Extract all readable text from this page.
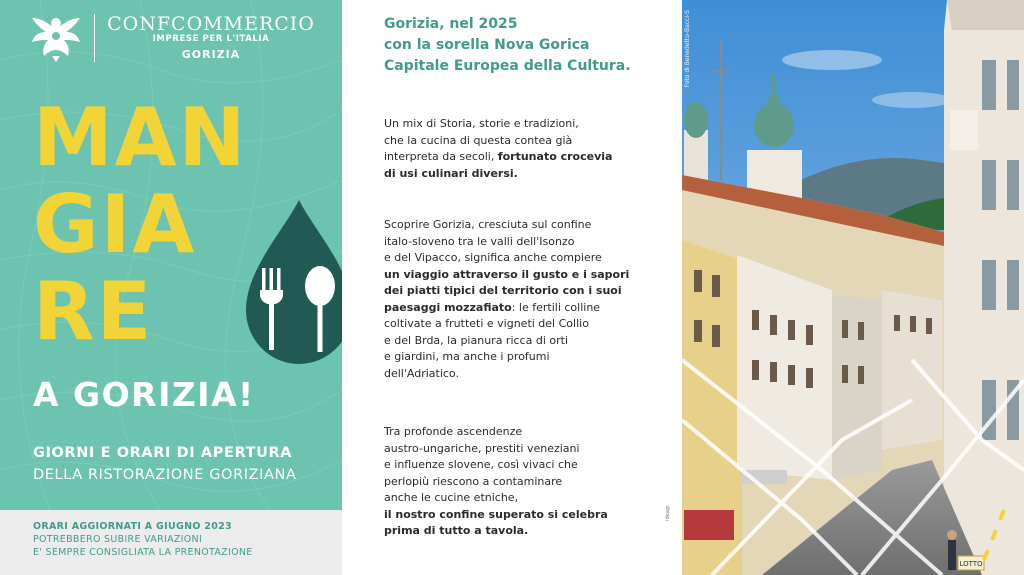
CONFCOMMERCIO
IMPRESE PER L'ITALIA
GORIZIA
MAN
GIA
RE
A GORIZIA!
GIORNI E ORARI DI APERTURA
DELLA RISTORAZIONE GORIZIANA
ORARI AGGIORNATI A GIUGNO 2023
POTREBBERO SUBIRE VARIAZIONI
E' SEMPRE CONSIGLIATA LA PRENOTAZIONE
Gorizia, nel 2025
con la sorella Nova Gorica
Capitale Europea della Cultura.
Un mix di Storia, storie e tradizioni,
che la cucina di questa contea già
interpreta da secoli, fortunato crocevia
di usi culinari diversi.
Scoprire Gorizia, cresciuta sul confine
italo-sloveno tra le valli dell'Isonzo
e del Vipacco, significa anche compiere
un viaggio attraverso il gusto e i sapori
dei piatti tipici del territorio con i suoi
paesaggi mozzafiato: le fertili colline
coltivate a frutteti e vigneti del Collio
e del Brda, la pianura ricca di orti
e giardini, ma anche i profumi
dell'Adriatico.
Tra profonde ascendenze
austro-ungariche, prestiti veneziani
e influenze slovene, così vivaci che
perlopiù riescono a contaminare
anche le cucine etniche,
il nostro confine superato si celebra
prima di tutto a tavola.
ideagr
LOTTO
Foto di Benedetto-Bacci-S
